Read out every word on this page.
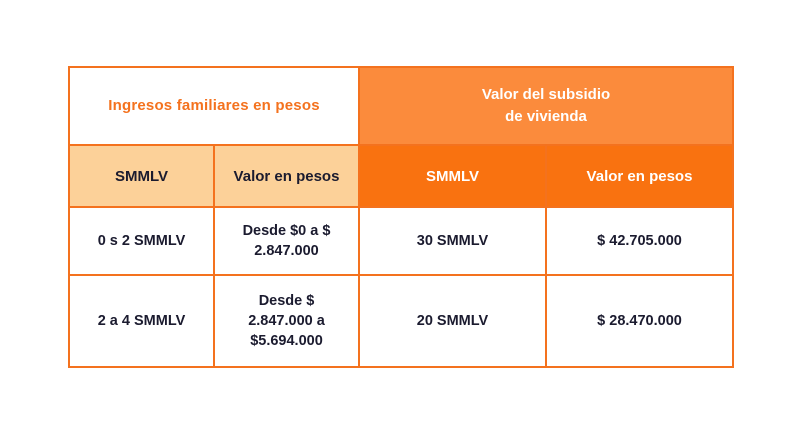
Ingresos familiares en pesos		Valor del subsidio
de vivienda	

SMMLV	Valor en pesos	SMMLV	Valor en pesos
0 s 2 SMMLV	Desde $0 a $
2.847.000	30 SMMLV	$ 42.705.000
2 a 4 SMMLV	Desde $
2.847.000 a
$5.694.000	20 SMMLV	$ 28.470.000
